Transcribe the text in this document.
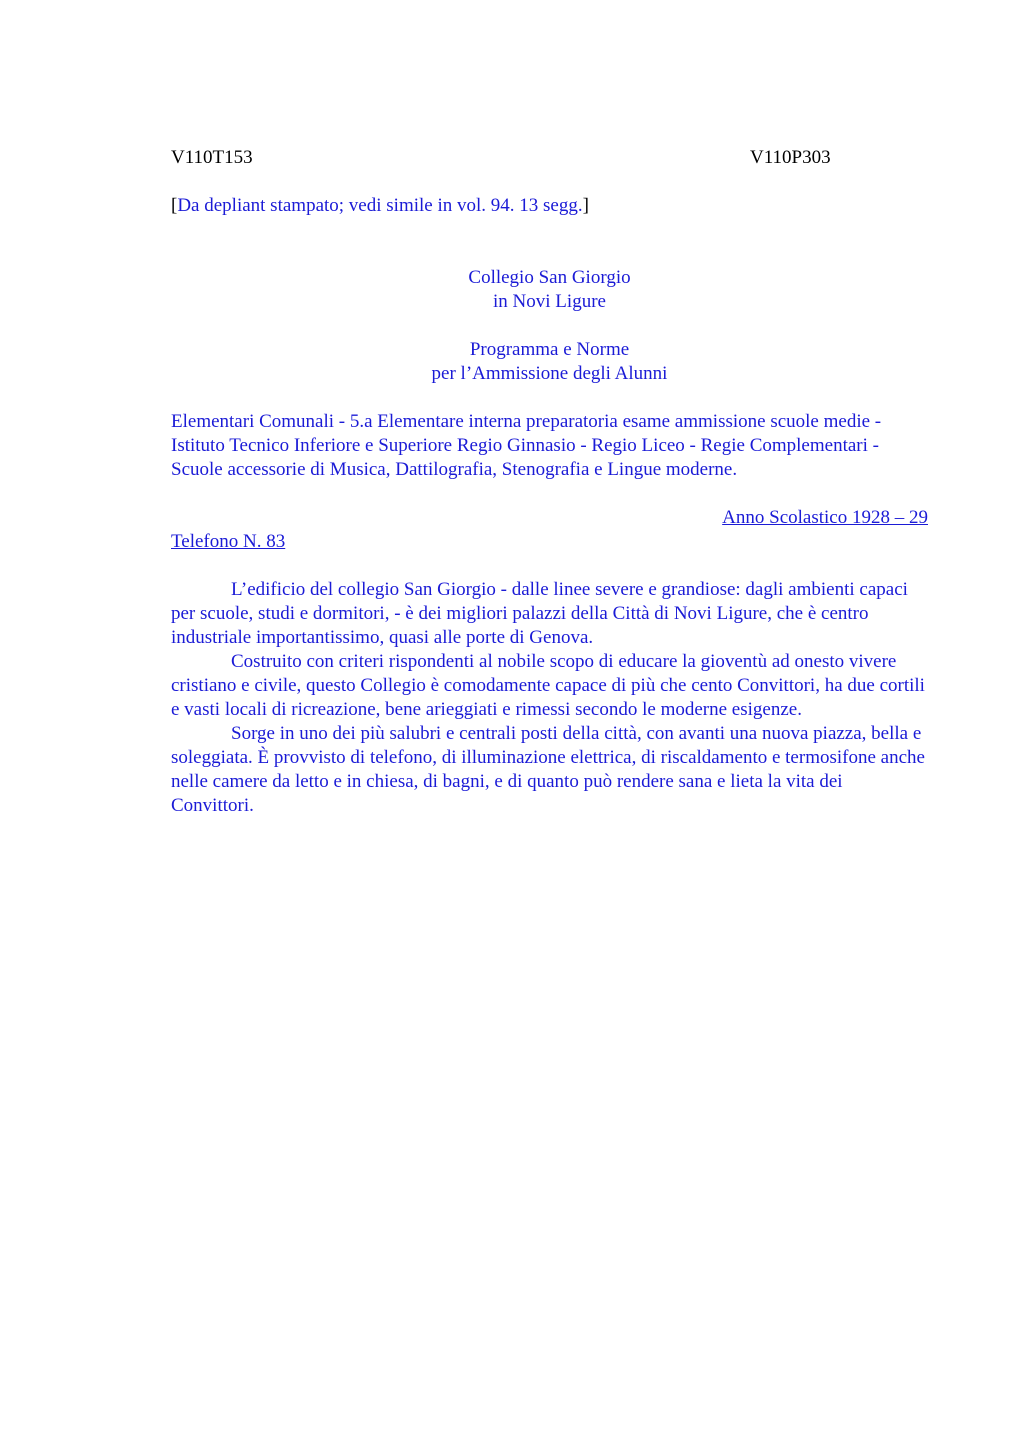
V110T153	V110P303
[Da depliant stampato; vedi simile in vol. 94. 13 segg.]
Collegio San Giorgio
in Novi Ligure
Programma e Norme
per l’Ammissione degli Alunni
Elementari Comunali - 5.a Elementare interna preparatoria esame ammissione scuole medie - Istituto Tecnico Inferiore e Superiore Regio Ginnasio - Regio Liceo - Regie Complementari - Scuole accessorie di Musica, Dattilografia, Stenografia e Lingue moderne.
Anno Scolastico 1928 – 29
Telefono N. 83

L’edificio del collegio San Giorgio - dalle linee severe e grandiose: dagli ambienti capaci per scuole, studi e dormitori, - è dei migliori palazzi della Città di Novi Ligure, che è centro industriale importantissimo, quasi alle porte di Genova.

Costruito con criteri rispondenti al nobile scopo di educare la gioventù ad onesto vivere cristiano e civile, questo Collegio è comodamente capace di più che cento Convittori, ha due cortili e vasti locali di ricreazione, bene arieggiati e rimessi secondo le moderne esigenze.

Sorge in uno dei più salubri e centrali posti della città, con avanti una nuova piazza, bella e soleggiata. È provvisto di telefono, di illuminazione elettrica, di riscaldamento e termosifone anche nelle camere da letto e in chiesa, di bagni, e di quanto può rendere sana e lieta la vita dei Convittori.
